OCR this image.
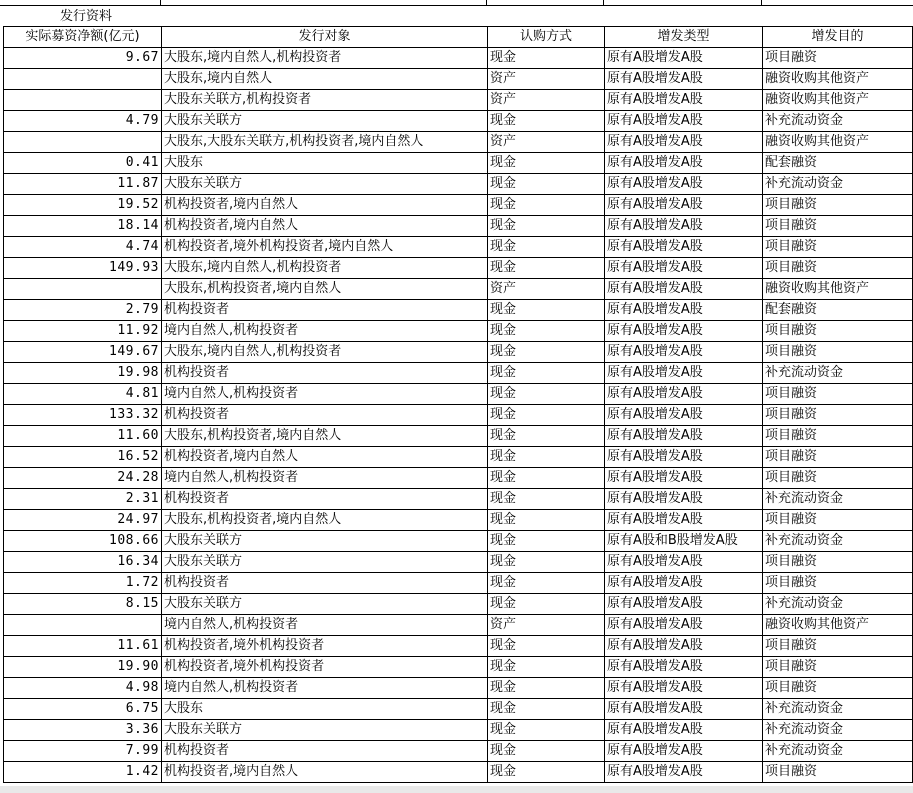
发行资料
实际募资净额(亿元)	发行对象	认购方式	增发类型	增发目的
9.67	大股东,境内自然人,机构投资者	现金	原有A股增发A股	项目融资
	大股东,境内自然人	资产	原有A股增发A股	融资收购其他资产
	大股东关联方,机构投资者	资产	原有A股增发A股	融资收购其他资产
4.79	大股东关联方	现金	原有A股增发A股	补充流动资金
	大股东,大股东关联方,机构投资者,境内自然人	资产	原有A股增发A股	融资收购其他资产
0.41	大股东	现金	原有A股增发A股	配套融资
11.87	大股东关联方	现金	原有A股增发A股	补充流动资金
19.52	机构投资者,境内自然人	现金	原有A股增发A股	项目融资
18.14	机构投资者,境内自然人	现金	原有A股增发A股	项目融资
4.74	机构投资者,境外机构投资者,境内自然人	现金	原有A股增发A股	项目融资
149.93	大股东,境内自然人,机构投资者	现金	原有A股增发A股	项目融资
	大股东,机构投资者,境内自然人	资产	原有A股增发A股	融资收购其他资产
2.79	机构投资者	现金	原有A股增发A股	配套融资
11.92	境内自然人,机构投资者	现金	原有A股增发A股	项目融资
149.67	大股东,境内自然人,机构投资者	现金	原有A股增发A股	项目融资
19.98	机构投资者	现金	原有A股增发A股	补充流动资金
4.81	境内自然人,机构投资者	现金	原有A股增发A股	项目融资
133.32	机构投资者	现金	原有A股增发A股	项目融资
11.60	大股东,机构投资者,境内自然人	现金	原有A股增发A股	项目融资
16.52	机构投资者,境内自然人	现金	原有A股增发A股	项目融资
24.28	境内自然人,机构投资者	现金	原有A股增发A股	项目融资
2.31	机构投资者	现金	原有A股增发A股	补充流动资金
24.97	大股东,机构投资者,境内自然人	现金	原有A股增发A股	项目融资
108.66	大股东关联方	现金	原有A股和B股增发A股	补充流动资金
16.34	大股东关联方	现金	原有A股增发A股	项目融资
1.72	机构投资者	现金	原有A股增发A股	项目融资
8.15	大股东关联方	现金	原有A股增发A股	补充流动资金
	境内自然人,机构投资者	资产	原有A股增发A股	融资收购其他资产
11.61	机构投资者,境外机构投资者	现金	原有A股增发A股	项目融资
19.90	机构投资者,境外机构投资者	现金	原有A股增发A股	项目融资
4.98	境内自然人,机构投资者	现金	原有A股增发A股	项目融资
6.75	大股东	现金	原有A股增发A股	补充流动资金
3.36	大股东关联方	现金	原有A股增发A股	补充流动资金
7.99	机构投资者	现金	原有A股增发A股	补充流动资金
1.42	机构投资者,境内自然人	现金	原有A股增发A股	项目融资
